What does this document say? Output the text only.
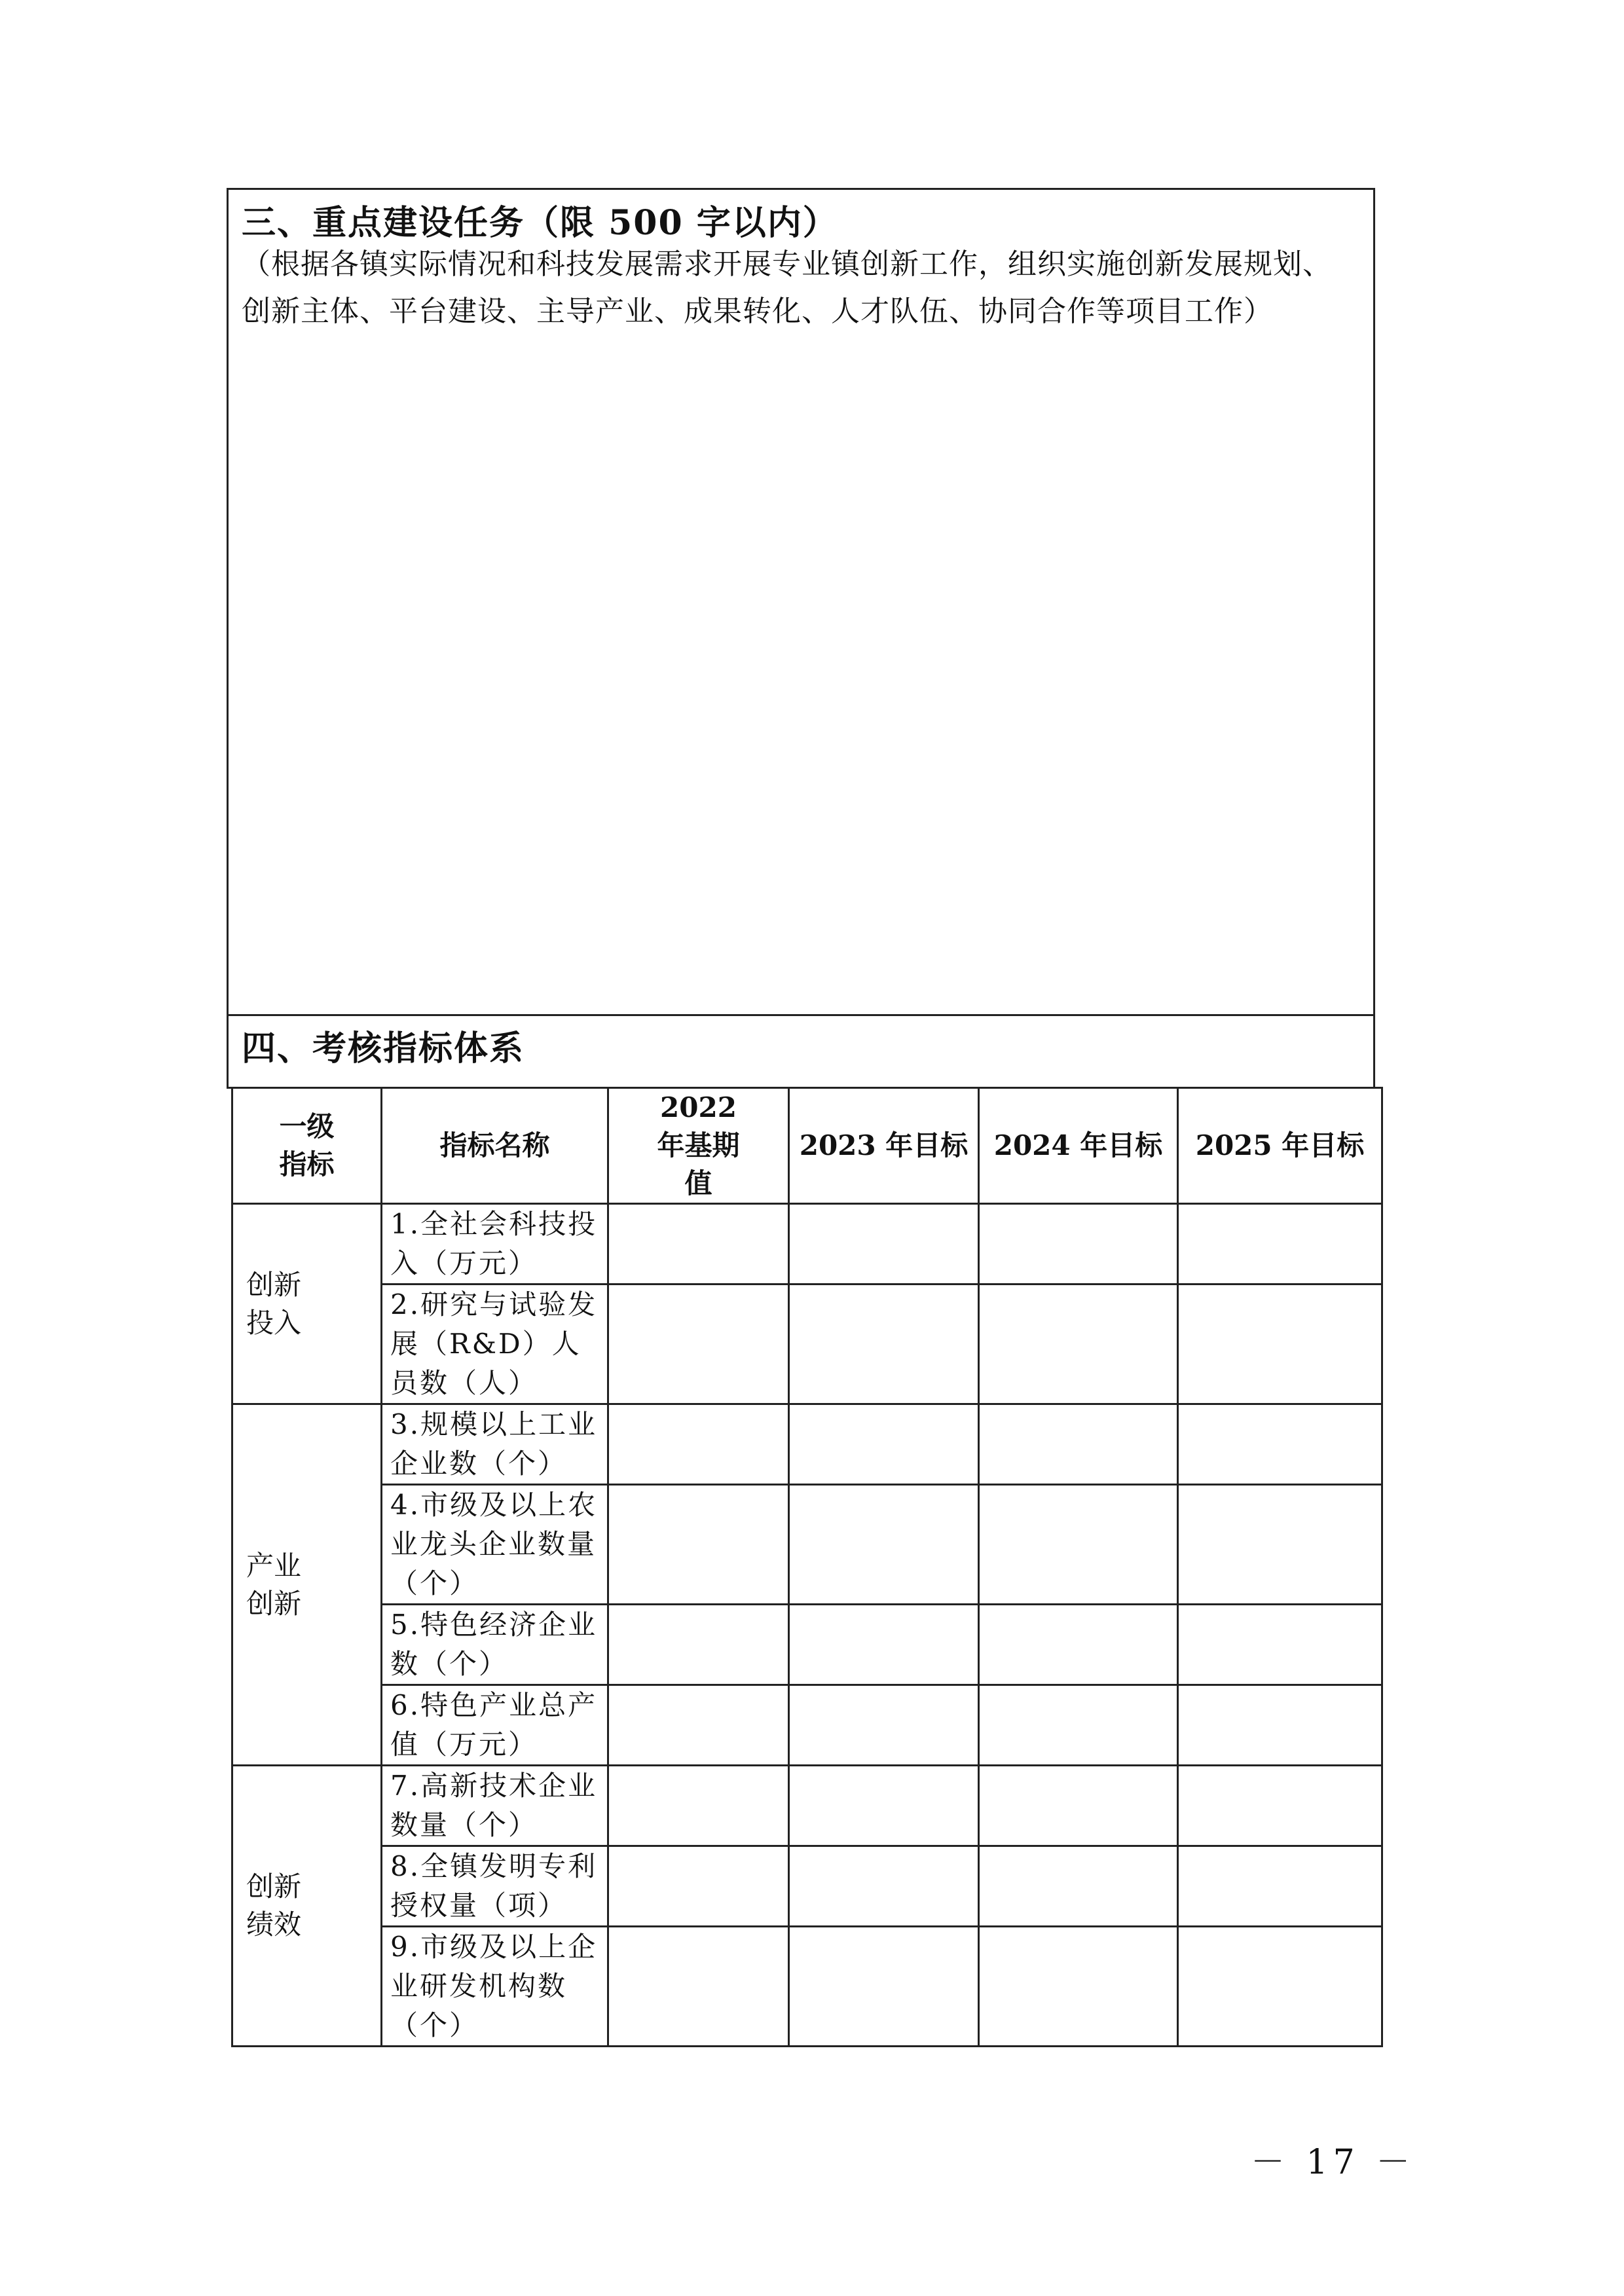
三、重点建设任务（限 500 字以内）
（根据各镇实际情况和科技发展需求开展专业镇创新工作，组织实施创新发展规划、创新主体、平台建设、主导产业、成果转化、人才队伍、协同合作等项目工作）
四、考核指标体系
一级指标	指标名称	2022 年基期值	2023 年目标	2024 年目标	2025 年目标

创新投入	1.全社会科技投入（万元）				
	2.研究与试验发展（R&D）人员数（人）				

产业创新	3.规模以上工业企业数（个）				
	4.市级及以上农业龙头企业数量（个）				
	5.特色经济企业数（个）				
	6.特色产业总产值（万元）				

创新绩效	7.高新技术企业数量（个）				
	8.全镇发明专利授权量（项）				
	9.市级及以上企业研发机构数（个）				
－ 17 －
